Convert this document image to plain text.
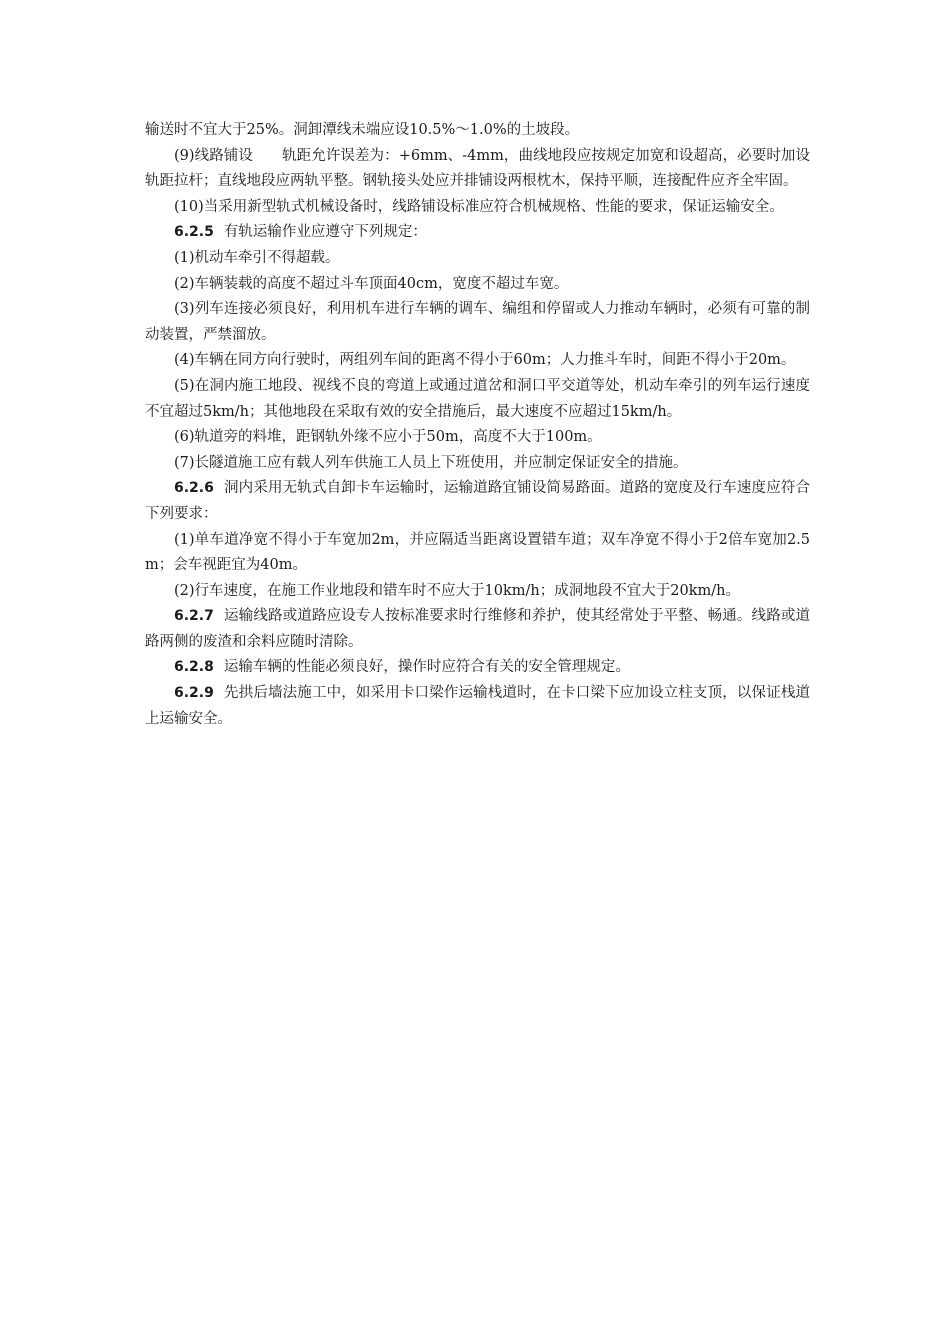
输送时不宜大于25%。洞卸潭线未端应设10.5%～1.0%的土坡段。

(9)线路铺设　　轨距允许误差为：+6mm、-4mm，曲线地段应按规定加宽和设超高，必要时加设轨距拉杆；直线地段应两轨平整。钢轨接头处应并排铺设两根枕木，保持平顺，连接配件应齐全牢固。

(10)当采用新型轨式机械设备时，线路铺设标准应符合机械规格、性能的要求，保证运输安全。

6.2.5 有轨运输作业应遵守下列规定：

(1)机动车牵引不得超载。

(2)车辆装载的高度不超过斗车顶面40cm，宽度不超过车宽。

(3)列车连接必须良好，利用机车进行车辆的调车、编组和停留或人力推动车辆时，必须有可靠的制动装置，严禁溜放。

(4)车辆在同方向行驶时，两组列车间的距离不得小于60m；人力推斗车时，间距不得小于20m。

(5)在洞内施工地段、视线不良的弯道上或通过道岔和洞口平交道等处，机动车牵引的列车运行速度不宜超过5km/h；其他地段在采取有效的安全措施后，最大速度不应超过15km/h。

(6)轨道旁的料堆，距钢轨外缘不应小于50m，高度不大于100m。

(7)长隧道施工应有载人列车供施工人员上下班使用，并应制定保证安全的措施。

6.2.6 洞内采用无轨式自卸卡车运输时，运输道路宜铺设简易路面。道路的宽度及行车速度应符合下列要求：

(1)单车道净宽不得小于车宽加2m，并应隔适当距离设置错车道；双车净宽不得小于2倍车宽加2.5m；会车视距宜为40m。

(2)行车速度，在施工作业地段和错车时不应大于10km/h；成洞地段不宜大于20km/h。

6.2.7 运输线路或道路应设专人按标准要求时行维修和养护，使其经常处于平整、畅通。线路或道路两侧的废渣和余料应随时清除。

6.2.8 运输车辆的性能必须良好，操作时应符合有关的安全管理规定。

6.2.9 先拱后墙法施工中，如采用卡口梁作运输栈道时，在卡口梁下应加设立柱支顶，以保证栈道上运输安全。
